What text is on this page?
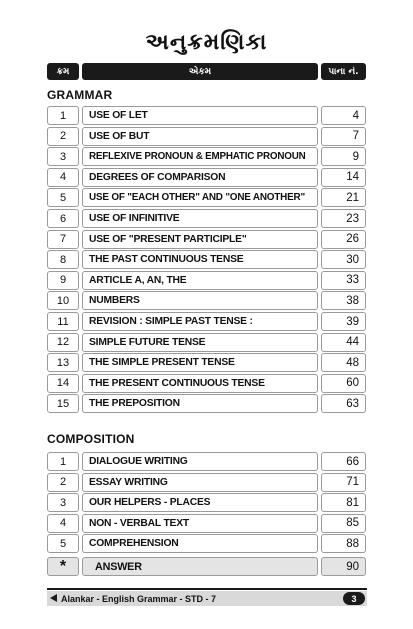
અનુક્રમણિકા
ક્રમ	એકમ	પાના નં.
GRAMMAR
1	USE OF LET	4
2	USE OF BUT	7
3	REFLEXIVE PRONOUN & EMPHATIC PRONOUN	9
4	DEGREES OF COMPARISON	14
5	USE OF "EACH OTHER" AND "ONE ANOTHER"	21
6	USE OF INFINITIVE	23
7	USE OF "PRESENT PARTICIPLE"	26
8	THE PAST CONTINUOUS TENSE	30
9	ARTICLE A, AN, THE	33
10	NUMBERS	38
11	REVISION : SIMPLE PAST TENSE :	39
12	SIMPLE FUTURE TENSE	44
13	THE SIMPLE PRESENT TENSE	48
14	THE PRESENT CONTINUOUS TENSE	60
15	THE PREPOSITION	63
COMPOSITION
1	DIALOGUE WRITING	66
2	ESSAY WRITING	71
3	OUR HELPERS - PLACES	81
4	NON - VERBAL TEXT	85
5	COMPREHENSION	88
*	ANSWER	90
Alankar - English Grammar - STD - 7	3
